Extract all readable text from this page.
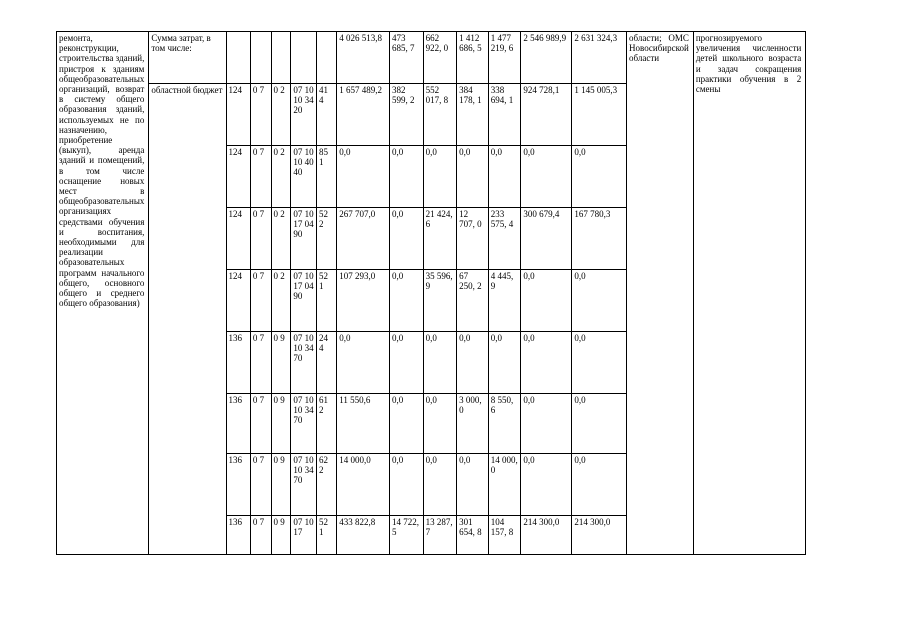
ремонта, реконструкции, строительства зданий, пристроя к зданиям общеобразовательных организаций, возврат в систему общего образования зданий, используемых не по назначению, приобретение (выкуп), аренда зданий и помещений, в том числе оснащение новых мест в общеобразовательных организациях средствами обучения и воспитания, необходимыми для реализации образовательных программ начального общего, основного общего и среднего общего образования)	Сумма затрат, в том числе:						4 026 513,8	473 685, 7	662 922, 0	1 412 686, 5	1 477 219, 6	2 546 989,9	2 631 324,3	области; ОМС Новосибирской области	прогнозируемого увеличения численности детей школьного возраста и задач сокращения практики обучения в 2 смены
	областной бюджет	124	0 7	0 2	07 10 10 34 20	41 4	1 657 489,2	382 599, 2	552 017, 8	384 178, 1	338 694, 1	924 728,1	1 145 005,3		
		124	0 7	0 2	07 10 10 40 40	85 1	0,0	0,0	0,0	0,0	0,0	0,0	0,0		
		124	0 7	0 2	07 10 17 04 90	52 2	267 707,0	0,0	21 424, 6	12 707, 0	233 575, 4	300 679,4	167 780,3		
		124	0 7	0 2	07 10 17 04 90	52 1	107 293,0	0,0	35 596, 9	67 250, 2	4 445, 9	0,0	0,0		
		136	0 7	0 9	07 10 10 34 70	24 4	0,0	0,0	0,0	0,0	0,0	0,0	0,0		
		136	0 7	0 9	07 10 10 34 70	61 2	11 550,6	0,0	0,0	3 000, 0	8 550, 6	0,0	0,0		
		136	0 7	0 9	07 10 10 34 70	62 2	14 000,0	0,0	0,0	0,0	14 000, 0	0,0	0,0		
		136	0 7	0 9	07 10 17	52 1	433 822,8	14 722, 5	13 287, 7	301 654, 8	104 157, 8	214 300,0	214 300,0		
